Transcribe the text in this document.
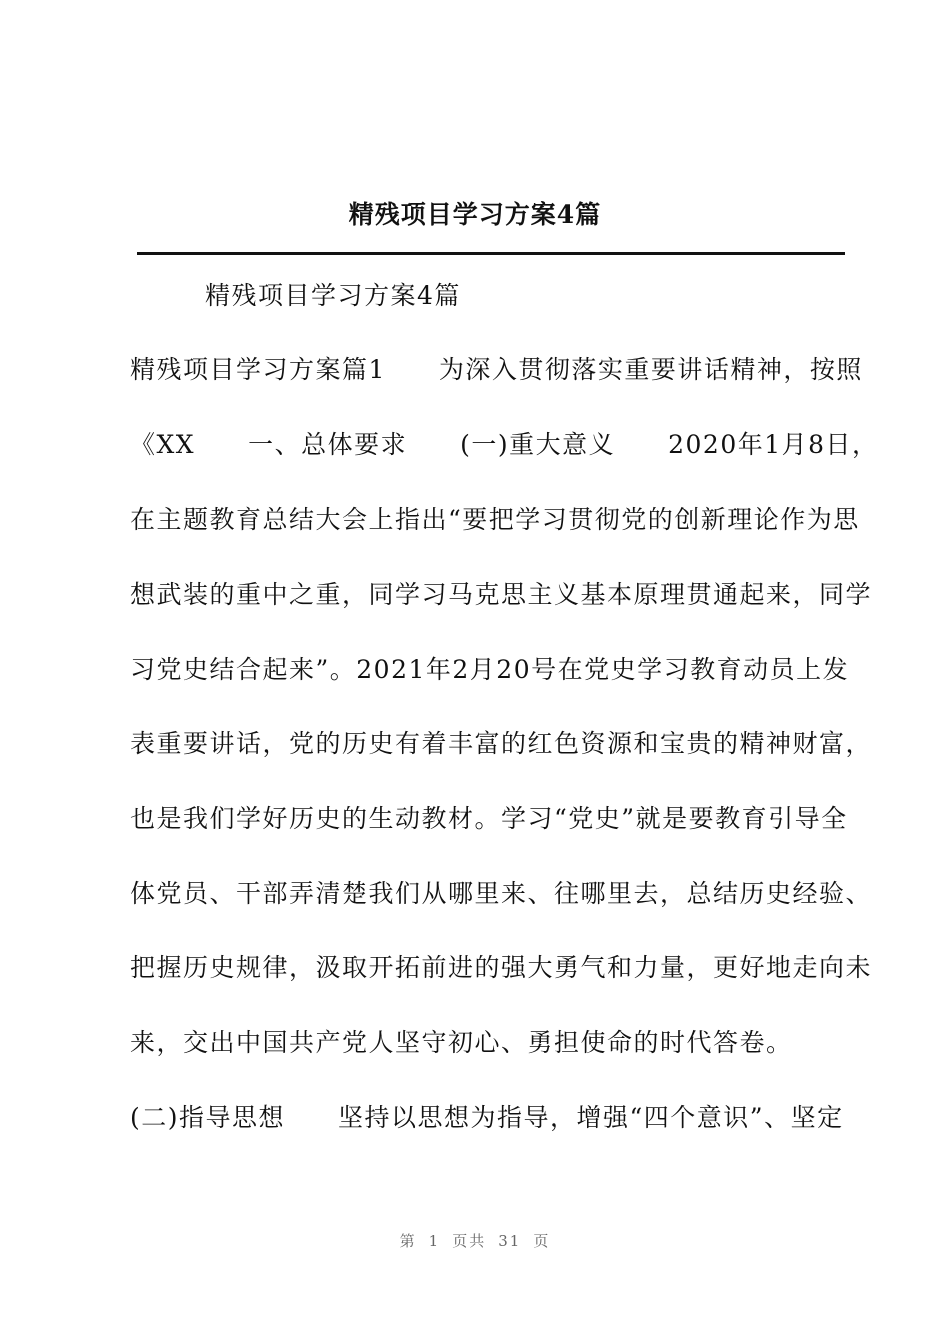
精残项目学习方案4篇
精残项目学习方案4篇
精残项目学习方案篇1　　为深入贯彻落实重要讲话精神，按照
《XX　　一、总体要求　　(一)重大意义　　2020年1月8日，
在主题教育总结大会上指出“要把学习贯彻党的创新理论作为思
想武装的重中之重，同学习马克思主义基本原理贯通起来，同学
习党史结合起来”。2021年2月20号在党史学习教育动员上发
表重要讲话，党的历史有着丰富的红色资源和宝贵的精神财富，
也是我们学好历史的生动教材。学习“党史”就是要教育引导全
体党员、干部弄清楚我们从哪里来、往哪里去，总结历史经验、
把握历史规律，汲取开拓前进的强大勇气和力量，更好地走向未
来，交出中国共产党人坚守初心、勇担使命的时代答卷。
(二)指导思想　　坚持以思想为指导，增强“四个意识”、坚定
第 1 页共 31 页
